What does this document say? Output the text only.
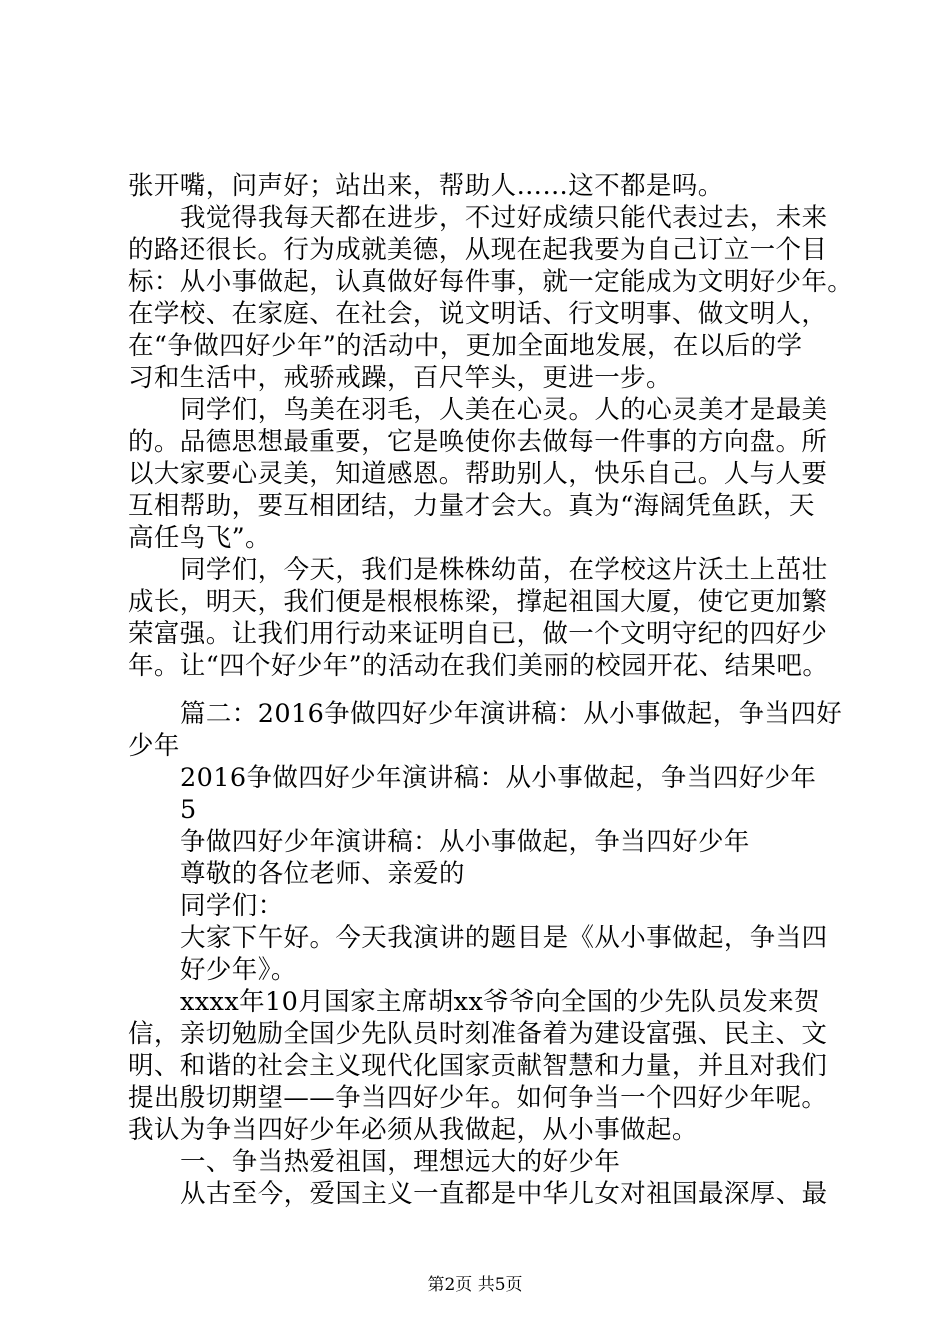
张开嘴，问声好；站出来，帮助人……这不都是吗。
我觉得我每天都在进步，不过好成绩只能代表过去，未来
的路还很长。行为成就美德，从现在起我要为自己订立一个目
标：从小事做起，认真做好每件事，就一定能成为文明好少年。
在学校、在家庭、在社会，说文明话、行文明事、做文明人，
在“争做四好少年”的活动中，更加全面地发展，在以后的学
习和生活中，戒骄戒躁，百尺竿头，更进一步。
同学们，鸟美在羽毛，人美在心灵。人的心灵美才是最美
的。品德思想最重要，它是唤使你去做每一件事的方向盘。所
以大家要心灵美，知道感恩。帮助别人，快乐自己。人与人要
互相帮助，要互相团结，力量才会大。真为“海阔凭鱼跃，天
高任鸟飞”。
同学们，今天，我们是株株幼苗，在学校这片沃土上茁壮
成长，明天，我们便是根根栋梁，撑起祖国大厦，使它更加繁
荣富强。让我们用行动来证明自已，做一个文明守纪的四好少
年。让“四个好少年”的活动在我们美丽的校园开花、结果吧。
篇二：2016争做四好少年演讲稿：从小事做起，争当四好
少年
2016争做四好少年演讲稿：从小事做起，争当四好少年
5
争做四好少年演讲稿：从小事做起，争当四好少年
尊敬的各位老师、亲爱的
同学们：
大家下午好。今天我演讲的题目是《从小事做起，争当四
好少年》。
xxxx年10月国家主席胡xx爷爷向全国的少先队员发来贺
信，亲切勉励全国少先队员时刻准备着为建设富强、民主、文
明、和谐的社会主义现代化国家贡献智慧和力量，并且对我们
提出殷切期望——争当四好少年。如何争当一个四好少年呢。
我认为争当四好少年必须从我做起，从小事做起。
一、争当热爱祖国，理想远大的好少年
从古至今，爱国主义一直都是中华儿女对祖国最深厚、最
第2页 共5页
